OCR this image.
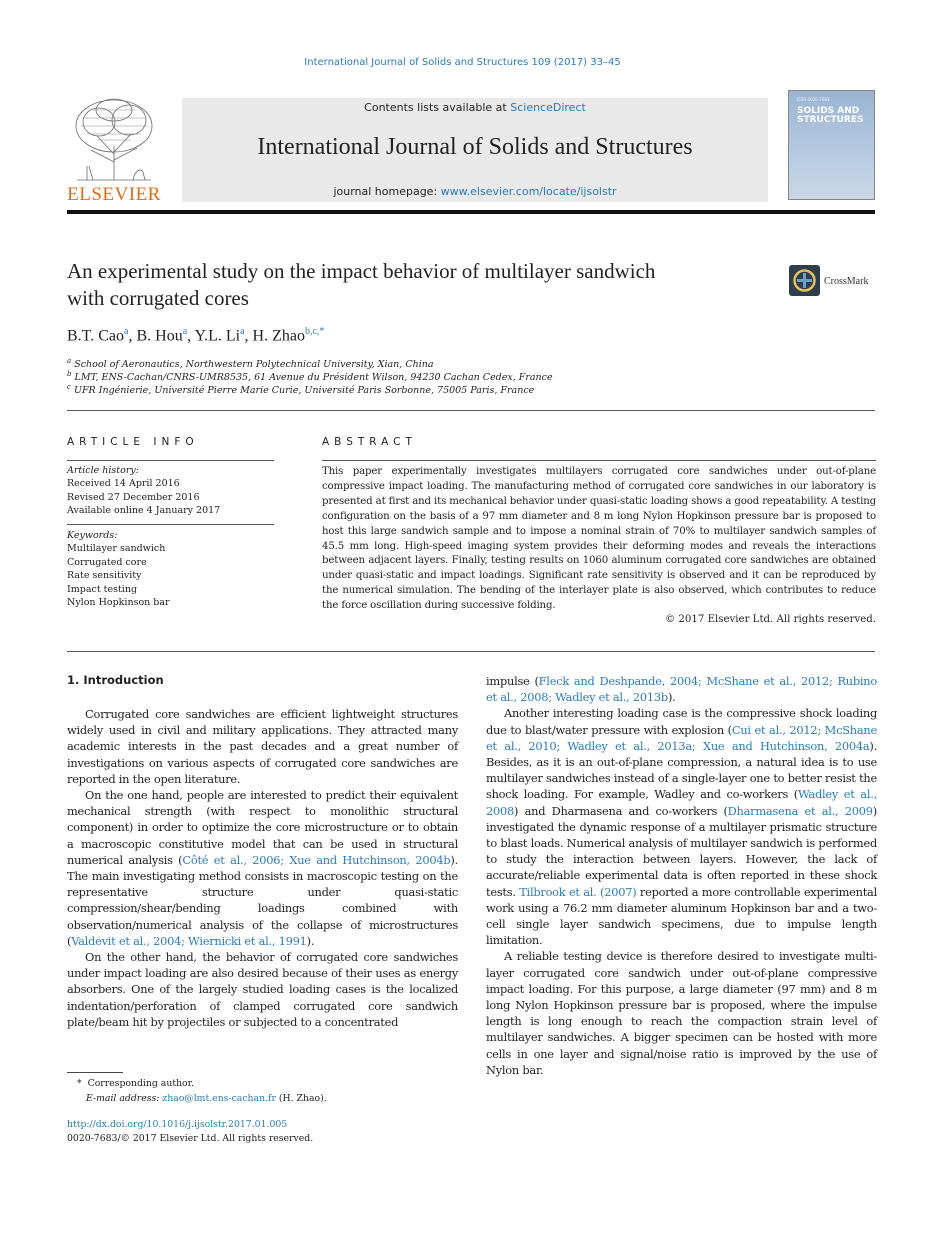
International Journal of Solids and Structures 109 (2017) 33–45
ELSEVIER
Contents lists available at ScienceDirect
International Journal of Solids and Structures
journal homepage: www.elsevier.com/locate/ijsolstr
ISSN 0020-7683
SOLIDS AND
STRUCTURES
An experimental study on the impact behavior of multilayer sandwich
with corrugated cores
CrossMark
B.T. Cao$^a$, B. Hou$^a$, Y.L. Li$^a$, H. Zhao$^{b,c,*}$
$^a$ School of Aeronautics, Northwestern Polytechnical University, Xian, China
$^b$ LMT, ENS-Cachan/CNRS-UMR8535, 61 Avenue du Président Wilson, 94230 Cachan Cedex, France
$^c$ UFR Ingénierie, Université Pierre Marie Curie, Université Paris Sorbonne, 75005 Paris, France
ARTICLE INFO	ABSTRACT
Article history:
Received 14 April 2016
Revised 27 December 2016
Available online 4 January 2017
Keywords:
Multilayer sandwich
Corrugated core
Rate sensitivity
Impact testing
Nylon Hopkinson bar
This paper experimentally investigates multilayers corrugated core sandwiches under out-of-plane compressive impact loading. The manufacturing method of corrugated core sandwiches in our laboratory is presented at first and its mechanical behavior under quasi-static loading shows a good repeatability. A testing configuration on the basis of a 97 mm diameter and 8 m long Nylon Hopkinson pressure bar is proposed to host this large sandwich sample and to impose a nominal strain of 70% to multilayer sandwich samples of 45.5 mm long. High-speed imaging system provides their deforming modes and reveals the interactions between adjacent layers. Finally, testing results on 1060 aluminum corrugated core sandwiches are obtained under quasi-static and impact loadings. Significant rate sensitivity is observed and it can be reproduced by the numerical simulation. The bending of the interlayer plate is also observed, which contributes to reduce the force oscillation during successive folding.
© 2017 Elsevier Ltd. All rights reserved.
1. Introduction

Corrugated core sandwiches are efficient lightweight structures widely used in civil and military applications. They attracted many academic interests in the past decades and a great number of investigations on various aspects of corrugated core sandwiches are reported in the open literature.

On the one hand, people are interested to predict their equivalent mechanical strength (with respect to monolithic structural component) in order to optimize the core microstructure or to obtain a macroscopic constitutive model that can be used in structural numerical analysis (Côté et al., 2006; Xue and Hutchinson, 2004b). The main investigating method consists in macroscopic testing on the representative structure under quasi-static compression/shear/bending loadings combined with observation/numerical analysis of the collapse of microstructures (Valdevit et al., 2004; Wiernicki et al., 1991).

On the other hand, the behavior of corrugated core sandwiches under impact loading are also desired because of their uses as energy absorbers. One of the largely studied loading cases is the localized indentation/perforation of clamped corrugated core sandwich plate/beam hit by projectiles or subjected to a concentrated

impulse (Fleck and Deshpande, 2004; McShane et al., 2012; Rubino et al., 2008; Wadley et al., 2013b).

Another interesting loading case is the compressive shock loading due to blast/water pressure with explosion (Cui et al., 2012; McShane et al., 2010; Wadley et al., 2013a; Xue and Hutchinson, 2004a). Besides, as it is an out-of-plane compression, a natural idea is to use multilayer sandwiches instead of a single-layer one to better resist the shock loading. For example, Wadley and co-workers (Wadley et al., 2008) and Dharmasena and co-workers (Dharmasena et al., 2009) investigated the dynamic response of a multilayer prismatic structure to blast loads. Numerical analysis of multilayer sandwich is performed to study the interaction between layers. However, the lack of accurate/reliable experimental data is often reported in these shock tests. Tilbrook et al. (2007) reported a more controllable experimental work using a 76.2 mm diameter aluminum Hopkinson bar and a two-cell single layer sandwich specimens, due to impulse length limitation.

A reliable testing device is therefore desired to investigate multi-layer corrugated core sandwich under out-of-plane compressive impact loading. For this purpose, a large diameter (97 mm) and 8 m long Nylon Hopkinson pressure bar is proposed, where the impulse length is long enough to reach the compaction strain level of multilayer sandwiches. A bigger specimen can be hosted with more cells in one layer and signal/noise ratio is improved by the use of Nylon bar.

* Corresponding author.
E-mail address: zhao@lmt.ens-cachan.fr (H. Zhao).
http://dx.doi.org/10.1016/j.ijsolstr.2017.01.005
0020-7683/© 2017 Elsevier Ltd. All rights reserved.
